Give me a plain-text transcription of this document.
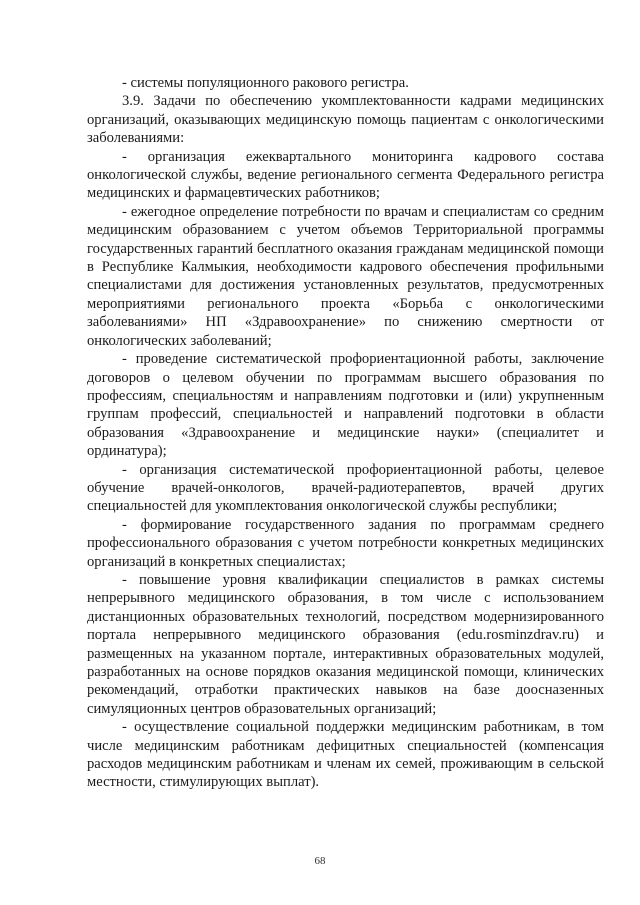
- системы популяционного ракового регистра.

3.9. Задачи по обеспечению укомплектованности кадрами медицинских организаций, оказывающих медицинскую помощь пациентам с онкологическими заболеваниями:

- организация ежеквартального мониторинга кадрового состава онкологической службы, ведение регионального сегмента Федерального регистра медицинских и фармацевтических работников;

- ежегодное определение потребности по врачам и специалистам со средним медицинским образованием с учетом объемов Территориальной программы государственных гарантий бесплатного оказания гражданам медицинской помощи в Республике Калмыкия, необходимости кадрового обеспечения профильными специалистами для достижения установленных результатов, предусмотренных мероприятиями регионального проекта «Борьба с онкологическими заболеваниями» НП «Здравоохранение» по снижению смертности от онкологических заболеваний;

- проведение систематической профориентационной работы, заключение договоров о целевом обучении по программам высшего образования по профессиям, специальностям и направлениям подготовки и (или) укрупненным группам профессий, специальностей и направлений подготовки в области образования «Здравоохранение и медицинские науки» (специалитет и ординатура);

- организация систематической профориентационной работы, целевое обучение врачей-онкологов, врачей-радиотерапевтов, врачей других специальностей для укомплектования онкологической службы республики;

- формирование государственного задания по программам среднего профессионального образования с учетом потребности конкретных медицинских организаций в конкретных специалистах;

- повышение уровня квалификации специалистов в рамках системы непрерывного медицинского образования, в том числе с использованием дистанционных образовательных технологий, посредством модернизированного портала непрерывного медицинского образования (edu.rosminzdrav.ru) и размещенных на указанном портале, интерактивных образовательных модулей, разработанных на основе порядков оказания медицинской помощи, клинических рекомендаций, отработки практических навыков на базе доосназенных симуляционных центров образовательных организаций;

- осуществление социальной поддержки медицинским работникам, в том числе медицинским работникам дефицитных специальностей (компенсация расходов медицинским работникам и членам их семей, проживающим в сельской местности, стимулирующих выплат).

68
